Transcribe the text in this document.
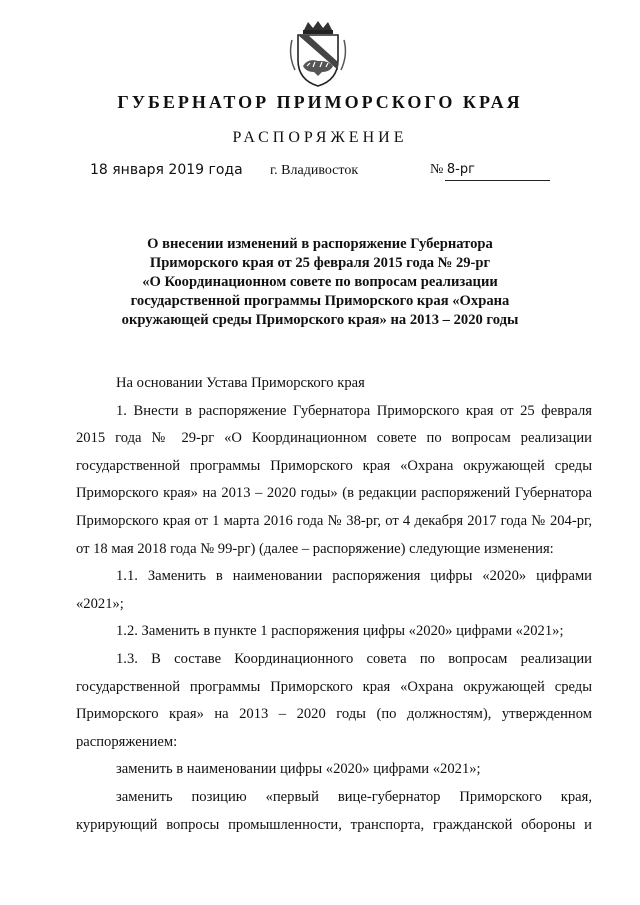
ГУБЕРНАТОР ПРИМОРСКОГО КРАЯ
РАСПОРЯЖЕНИЕ
18 января 2019 года г. Владивосток	№ 8-рг
О внесении изменений в распоряжение Губернатора
Приморского края от 25 февраля 2015 года № 29-рг
«О Координационном совете по вопросам реализации
государственной программы Приморского края «Охрана
окружающей среды Приморского края» на 2013 – 2020 годы

На основании Устава Приморского края

1. Внести в распоряжение Губернатора Приморского края от 25 февраля 2015 года № 29-рг «О Координационном совете по вопросам реализации государственной программы Приморского края «Охрана окружающей среды Приморского края» на 2013 – 2020 годы» (в редакции распоряжений Губернатора Приморского края от 1 марта 2016 года № 38-рг, от 4 декабря 2017 года № 204-рг, от 18 мая 2018 года № 99-рг) (далее – распоряжение) следующие изменения:

1.1. Заменить в наименовании распоряжения цифры «2020» цифрами «2021»;

1.2. Заменить в пункте 1 распоряжения цифры «2020» цифрами «2021»;

1.3. В составе Координационного совета по вопросам реализации государственной программы Приморского края «Охрана окружающей среды Приморского края» на 2013 – 2020 годы (по должностям), утвержденном распоряжением:

заменить в наименовании цифры «2020» цифрами «2021»;

заменить позицию «первый вице-губернатор Приморского края, курирующий вопросы промышленности, транспорта, гражданской обороны и
